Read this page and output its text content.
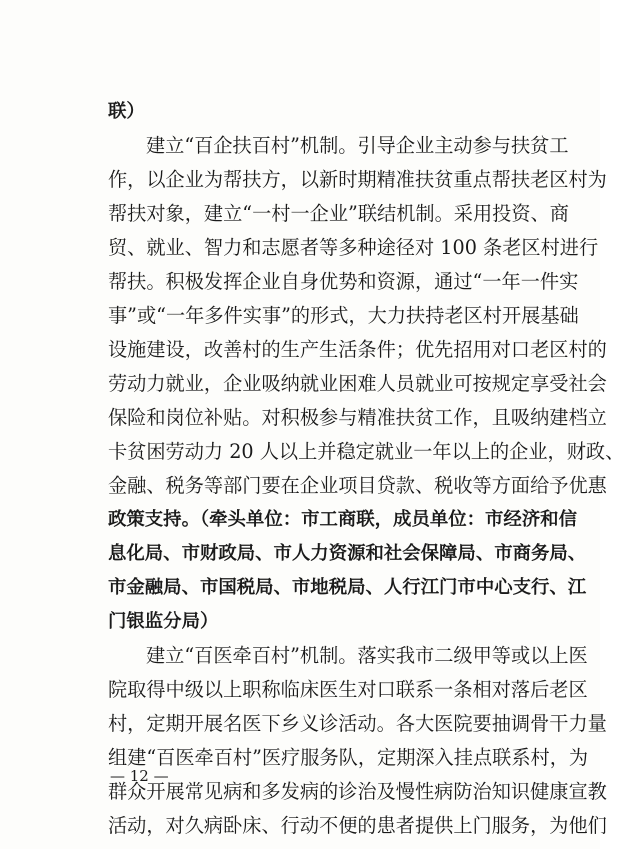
联）
建立“百企扶百村”机制。引导企业主动参与扶贫工
作，以企业为帮扶方，以新时期精准扶贫重点帮扶老区村为
帮扶对象，建立“一村一企业”联结机制。采用投资、商
贸、就业、智力和志愿者等多种途径对 100 条老区村进行
帮扶。积极发挥企业自身优势和资源，通过“一年一件实
事”或“一年多件实事”的形式，大力扶持老区村开展基础
设施建设，改善村的生产生活条件；优先招用对口老区村的
劳动力就业，企业吸纳就业困难人员就业可按规定享受社会
保险和岗位补贴。对积极参与精准扶贫工作，且吸纳建档立
卡贫困劳动力 20 人以上并稳定就业一年以上的企业，财政、
金融、税务等部门要在企业项目贷款、税收等方面给予优惠
政策支持。（牵头单位：市工商联，成员单位：市经济和信
息化局、市财政局、市人力资源和社会保障局、市商务局、
市金融局、市国税局、市地税局、人行江门市中心支行、江
门银监分局）
建立“百医牵百村”机制。落实我市二级甲等或以上医
院取得中级以上职称临床医生对口联系一条相对落后老区
村，定期开展名医下乡义诊活动。各大医院要抽调骨干力量
组建“百医牵百村”医疗服务队，定期深入挂点联系村，为
群众开展常见病和多发病的诊治及慢性病防治知识健康宣教
活动，对久病卧床、行动不便的患者提供上门服务，为他们
— 12 —
